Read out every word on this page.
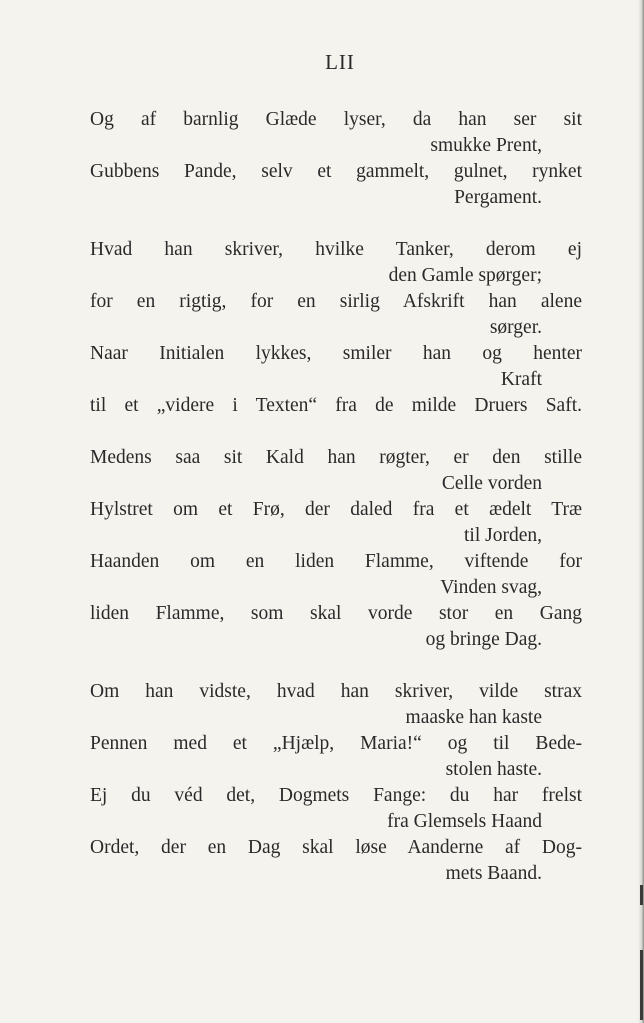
LII
Og af barnlig Glæde lyser, da han ser sit
smukke Prent,
Gubbens Pande, selv et gammelt, gulnet, rynket
Pergament.
Hvad han skriver, hvilke Tanker, derom ej
den Gamle spørger;
for en rigtig, for en sirlig Afskrift han alene
sørger.
Naar Initialen lykkes, smiler han og henter
Kraft
til et „videre i Texten“ fra de milde Druers Saft.
Medens saa sit Kald han røgter, er den stille
Celle vorden
Hylstret om et Frø, der daled fra et ædelt Træ
til Jorden,
Haanden om en liden Flamme, viftende for
Vinden svag,
liden Flamme, som skal vorde stor en Gang
og bringe Dag.
Om han vidste, hvad han skriver, vilde strax
maaske han kaste
Pennen med et „Hjælp, Maria!“ og til Bede-
stolen haste.
Ej du véd det, Dogmets Fange: du har frelst
fra Glemsels Haand
Ordet, der en Dag skal løse Aanderne af Dog-
mets Baand.
